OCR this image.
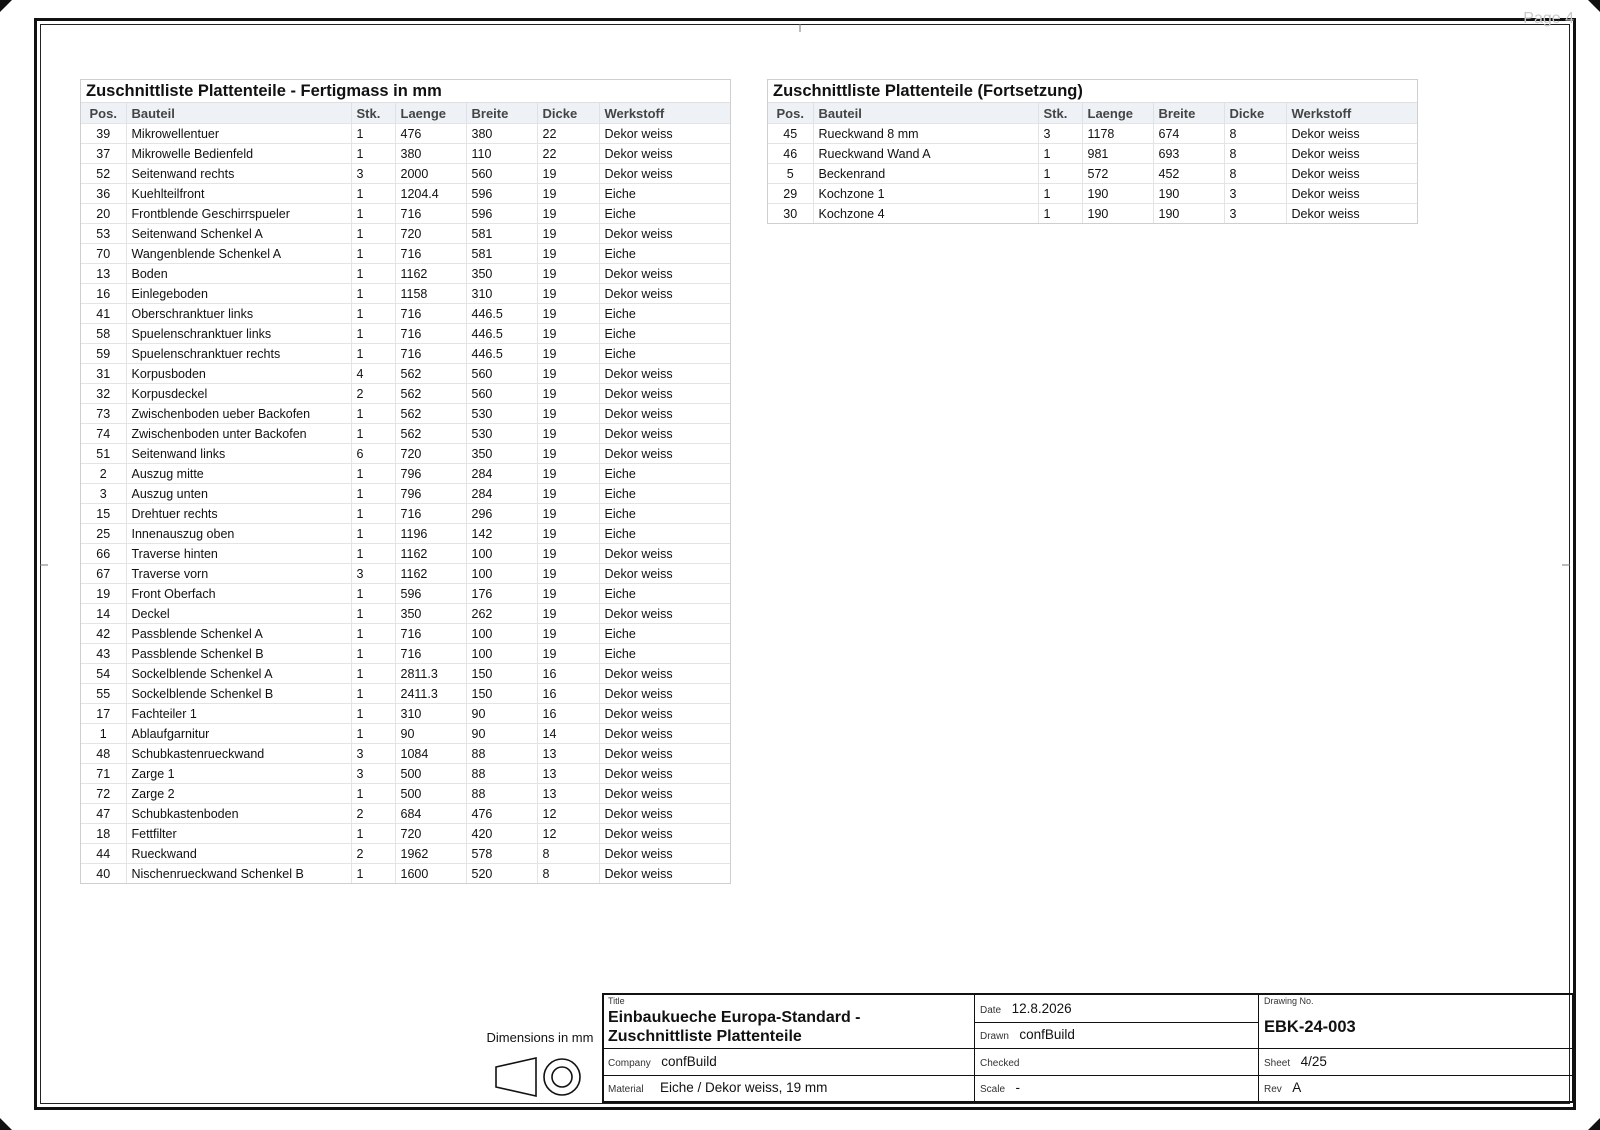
Page 4
Zuschnittliste Plattenteile - Fertigmass in mm
Pos.	Bauteil	Stk.	Laenge	Breite	Dicke	Werkstoff
39	Mikrowellentuer	1	476	380	22	Dekor weiss
37	Mikrowelle Bedienfeld	1	380	110	22	Dekor weiss
52	Seitenwand rechts	3	2000	560	19	Dekor weiss
36	Kuehlteilfront	1	1204.4	596	19	Eiche
20	Frontblende Geschirrspueler	1	716	596	19	Eiche
53	Seitenwand Schenkel A	1	720	581	19	Dekor weiss
70	Wangenblende Schenkel A	1	716	581	19	Eiche
13	Boden	1	1162	350	19	Dekor weiss
16	Einlegeboden	1	1158	310	19	Dekor weiss
41	Oberschranktuer links	1	716	446.5	19	Eiche
58	Spuelenschranktuer links	1	716	446.5	19	Eiche
59	Spuelenschranktuer rechts	1	716	446.5	19	Eiche
31	Korpusboden	4	562	560	19	Dekor weiss
32	Korpusdeckel	2	562	560	19	Dekor weiss
73	Zwischenboden ueber Backofen	1	562	530	19	Dekor weiss
74	Zwischenboden unter Backofen	1	562	530	19	Dekor weiss
51	Seitenwand links	6	720	350	19	Dekor weiss
2	Auszug mitte	1	796	284	19	Eiche
3	Auszug unten	1	796	284	19	Eiche
15	Drehtuer rechts	1	716	296	19	Eiche
25	Innenauszug oben	1	1196	142	19	Eiche
66	Traverse hinten	1	1162	100	19	Dekor weiss
67	Traverse vorn	3	1162	100	19	Dekor weiss
19	Front Oberfach	1	596	176	19	Eiche
14	Deckel	1	350	262	19	Dekor weiss
42	Passblende Schenkel A	1	716	100	19	Eiche
43	Passblende Schenkel B	1	716	100	19	Eiche
54	Sockelblende Schenkel A	1	2811.3	150	16	Dekor weiss
55	Sockelblende Schenkel B	1	2411.3	150	16	Dekor weiss
17	Fachteiler 1	1	310	90	16	Dekor weiss
1	Ablaufgarnitur	1	90	90	14	Dekor weiss
48	Schubkastenrueckwand	3	1084	88	13	Dekor weiss
71	Zarge 1	3	500	88	13	Dekor weiss
72	Zarge 2	1	500	88	13	Dekor weiss
47	Schubkastenboden	2	684	476	12	Dekor weiss
18	Fettfilter	1	720	420	12	Dekor weiss
44	Rueckwand	2	1962	578	8	Dekor weiss
40	Nischenrueckwand Schenkel B	1	1600	520	8	Dekor weiss
Zuschnittliste Plattenteile (Fortsetzung)
Pos.	Bauteil	Stk.	Laenge	Breite	Dicke	Werkstoff
45	Rueckwand 8 mm	3	1178	674	8	Dekor weiss
46	Rueckwand Wand A	1	981	693	8	Dekor weiss
5	Beckenrand	1	572	452	8	Dekor weiss
29	Kochzone 1	1	190	190	3	Dekor weiss
30	Kochzone 4	1	190	190	3	Dekor weiss
Dimensions in mm
Title
Einbaukueche Europa-Standard -
Zuschnittliste Plattenteile
Date 12.8.2026
Drawn confBuild
Drawing No.
EBK-24-003
Company confBuild	Checked	Sheet 4/25
Material Eiche / Dekor weiss, 19 mm	Scale -	Rev A
